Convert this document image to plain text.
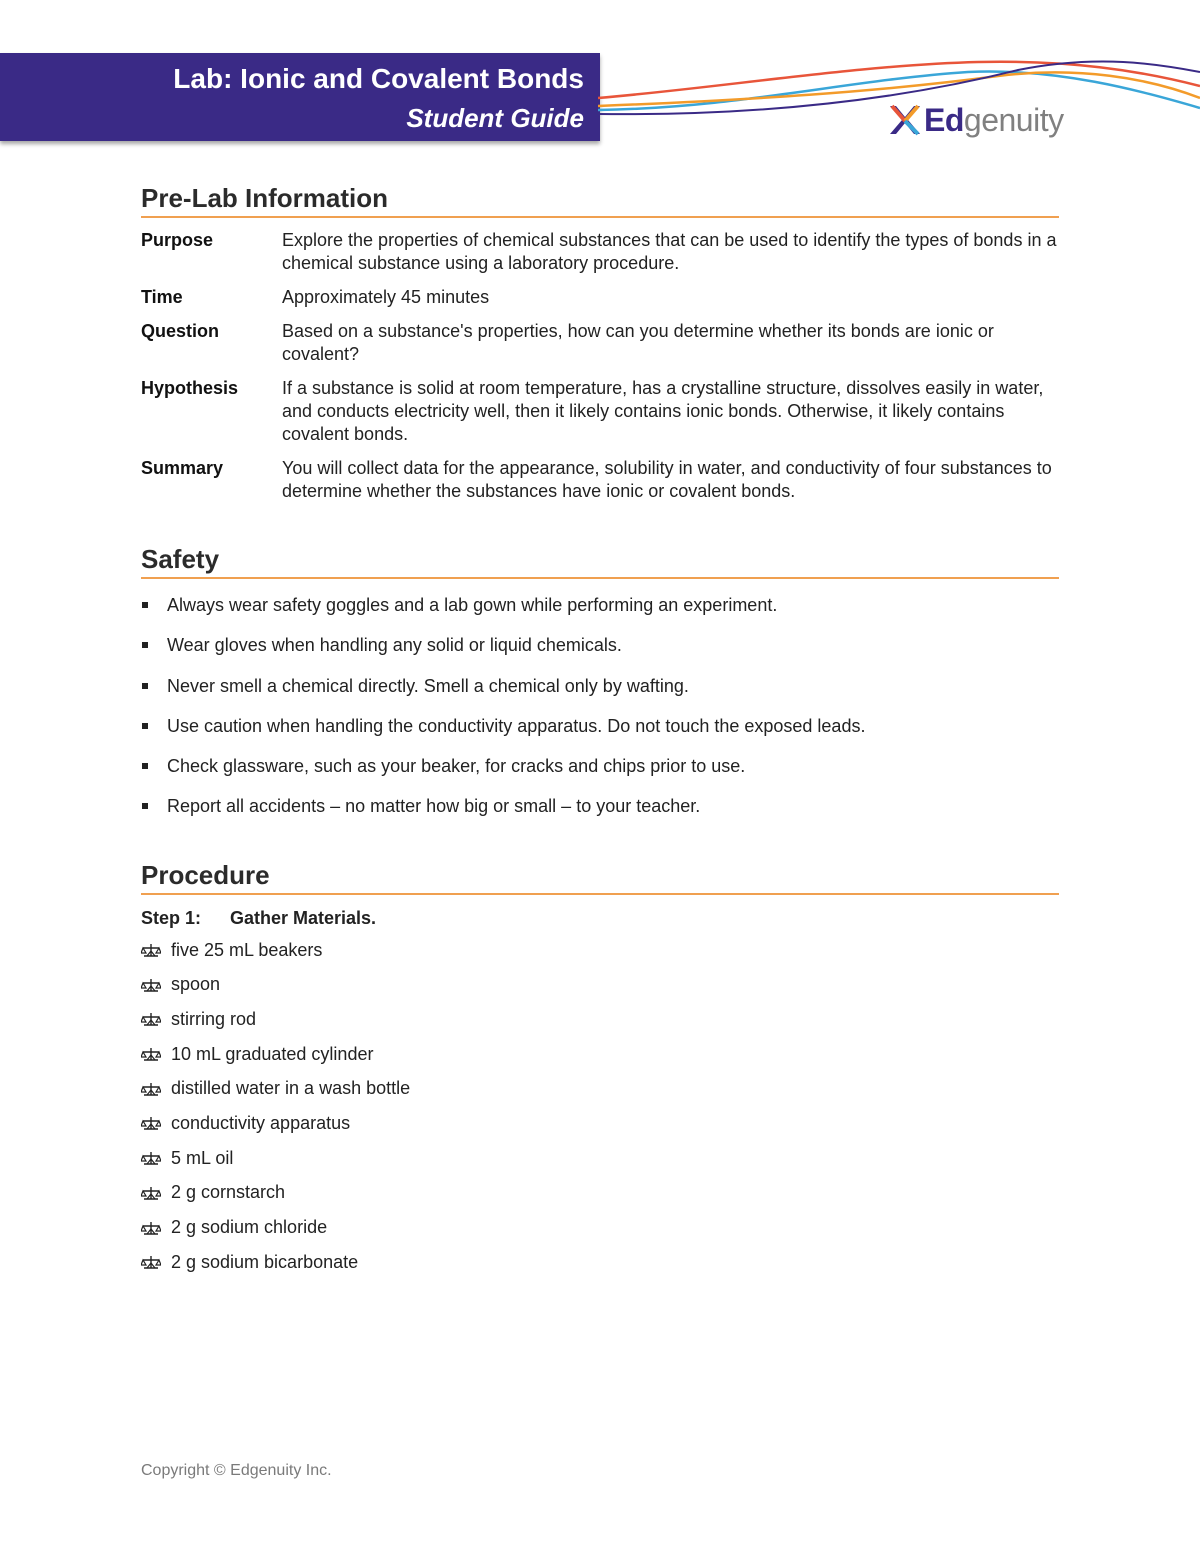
Lab: Ionic and Covalent Bonds
Student Guide	Edgenuity
Pre-Lab Information
Purpose	Explore the properties of chemical substances that can be used to identify the types of bonds in a chemical substance using a laboratory procedure.
Time	Approximately 45 minutes
Question	Based on a substance's properties, how can you determine whether its bonds are ionic or covalent?
Hypothesis	If a substance is solid at room temperature, has a crystalline structure, dissolves easily in water, and conducts electricity well, then it likely contains ionic bonds. Otherwise, it likely contains covalent bonds.
Summary	You will collect data for the appearance, solubility in water, and conductivity of four substances to determine whether the substances have ionic or covalent bonds.
Safety
Always wear safety goggles and a lab gown while performing an experiment.
Wear gloves when handling any solid or liquid chemicals.
Never smell a chemical directly. Smell a chemical only by wafting.
Use caution when handling the conductivity apparatus. Do not touch the exposed leads.
Check glassware, such as your beaker, for cracks and chips prior to use.
Report all accidents – no matter how big or small – to your teacher.
Procedure
Step 1: Gather Materials.
five 25 mL beakers
spoon
stirring rod
10 mL graduated cylinder
distilled water in a wash bottle
conductivity apparatus
5 mL oil
2 g cornstarch
2 g sodium chloride
2 g sodium bicarbonate
Copyright © Edgenuity Inc.
